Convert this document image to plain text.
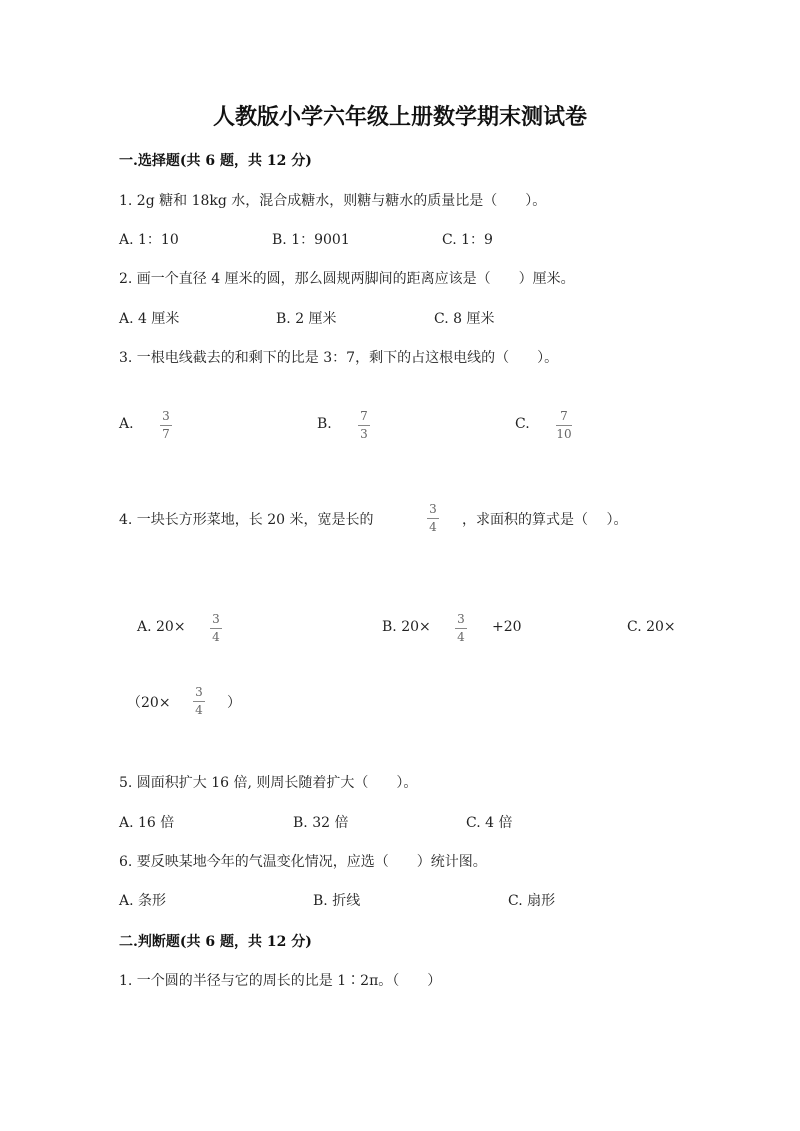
人教版小学六年级上册数学期末测试卷
一.选择题(共 6 题，共 12 分)
1. 2g 糖和 18kg 水，混合成糖水，则糖与糖水的质量比是（　　）。
A. 1：10	B. 1：9001	C. 1：9
2. 画一个直径 4 厘米的圆，那么圆规两脚间的距离应该是（　　）厘米。
A. 4 厘米	B. 2 厘米	C. 8 厘米
3. 一根电线截去的和剩下的比是 3：7，剩下的占这根电线的（　　）。
A. 3
7
B. 7
3
C.	7
10
4. 一块长方形菜地，长 20 米，宽是长的
3
4 ，求面积的算式是（　 ）。
A. 20× 3
4
B. 20× 3
4
+20	C. 20×
（20×
3
4 ）
5. 圆面积扩大 16 倍, 则周长随着扩大（　　）。
A. 16 倍	B. 32 倍	C. 4 倍
6. 要反映某地今年的气温变化情况，应选（　　）统计图。
A. 条形	B. 折线	C. 扇形
二.判断题(共 6 题，共 12 分)
1. 一个圆的半径与它的周长的比是 1∶2π。（　　）
